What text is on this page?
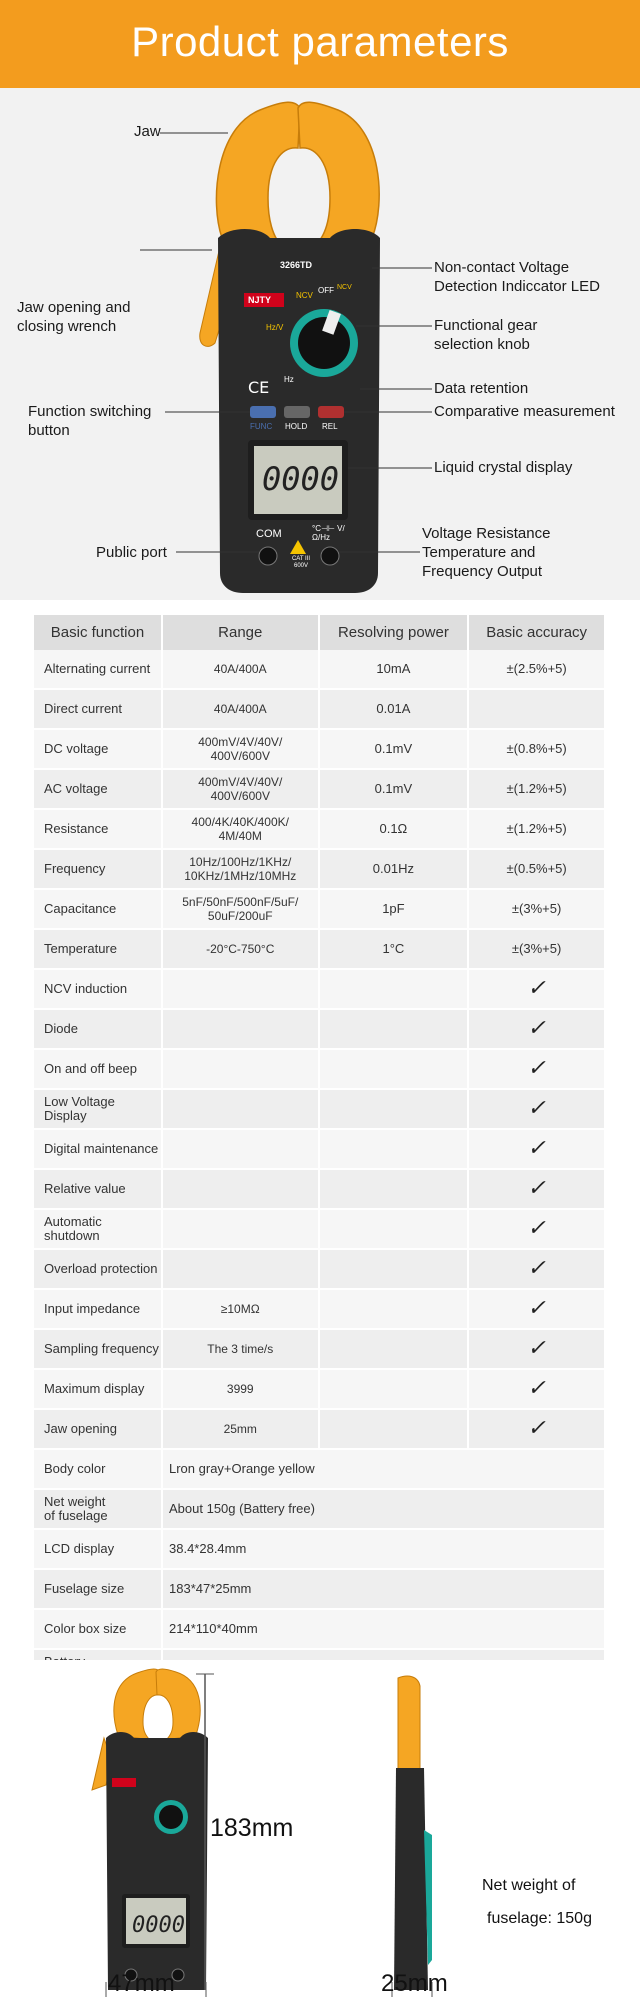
Product parameters
CE
3266TD
NJTY	NCV
OFF NCV
Hz/V
Hz
FUNC HOLD REL
0000
COM	°C⊣⊢ V/Ω/Hz
CAT III 600V
Jaw
Non-contact Voltage
Detection Indiccator LED
Jaw opening and
closing wrench	Functional gear
selection knob
Data retention
Function switching
button
Comparative measurement
Liquid crystal display
Public port
Voltage Resistance
Temperature and
Frequency Output
Basic function	Range	Resolving power	Basic accuracy
Alternating current	40A/400A	10mA	±(2.5%+5)
Direct current	40A/400A	0.01A	
DC voltage	400mV/4V/40V/
400V/600V	0.1mV	±(0.8%+5)
AC voltage	400mV/4V/40V/
400V/600V	0.1mV	±(1.2%+5)
Resistance	400/4K/40K/400K/
4M/40M	0.1Ω	±(1.2%+5)
Frequency	10Hz/100Hz/1KHz/
10KHz/1MHz/10MHz	0.01Hz	±(0.5%+5)
Capacitance	5nF/50nF/500nF/5uF/
50uF/200uF	1pF	±(3%+5)
Temperature	-20°C-750°C	1°C	±(3%+5)
NCV induction			✓
Diode			✓
On and off beep			✓
Low Voltage Display			✓
Digital maintenance			✓
Relative value			✓
Automatic shutdown			✓
Overload protection			✓
Input impedance	≥10MΩ		✓
Sampling frequency	The 3 time/s		✓
Maximum display	3999		✓
Jaw opening	25mm		✓
Body color	Lron gray+Orange yellow		
Net weight
of fuselage	About 150g (Battery free)		
LCD display	38.4*28.4mm		
Fuselage size	183*47*25mm		
Color box size	214*110*40mm		

0000
183mm
47mm	25mm
Net weight of
fuselage: 150g
